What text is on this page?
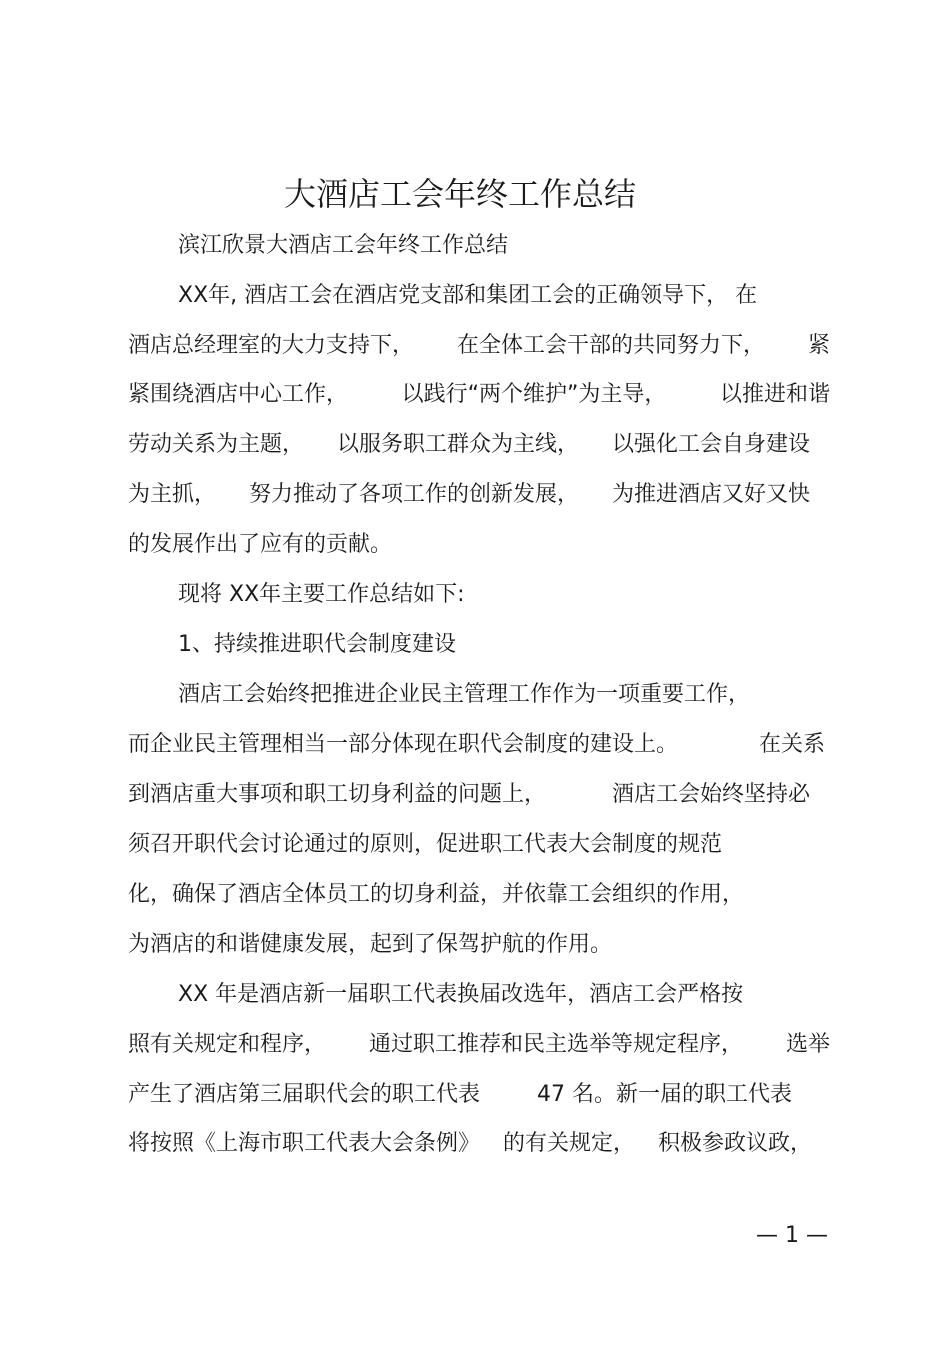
大酒店工会年终工作总结
滨江欣景大酒店工会年终工作总结
XX年, 酒店工会在酒店党支部和集团工会的正确领导下， 在
酒店总经理室的大力支持下， 在全体工会干部的共同努力下， 紧
紧围绕酒店中心工作， 以践行“两个维护”为主导， 以推进和谐
劳动关系为主题， 以服务职工群众为主线， 以强化工会自身建设
为主抓， 努力推动了各项工作的创新发展， 为推进酒店又好又快
的发展作出了应有的贡献。
现将 XX年主要工作总结如下:
1、持续推进职代会制度建设
酒店工会始终把推进企业民主管理工作作为一项重要工作，
而企业民主管理相当一部分体现在职代会制度的建设上。	在关系
到酒店重大事项和职工切身利益的问题上，	酒店工会始终坚持必
须召开职代会讨论通过的原则，促进职工代表大会制度的规范
化，确保了酒店全体员工的切身利益，并依靠工会组织的作用，
为酒店的和谐健康发展，起到了保驾护航的作用。
XX 年是酒店新一届职工代表换届改选年，酒店工会严格按
照有关规定和程序， 通过职工推荐和民主选举等规定程序， 选举
产生了酒店第三届职代会的职工代表	47 名。新一届的职工代表
将按照《上海市职工代表大会条例》 的有关规定， 积极参政议政，
— 1 —
